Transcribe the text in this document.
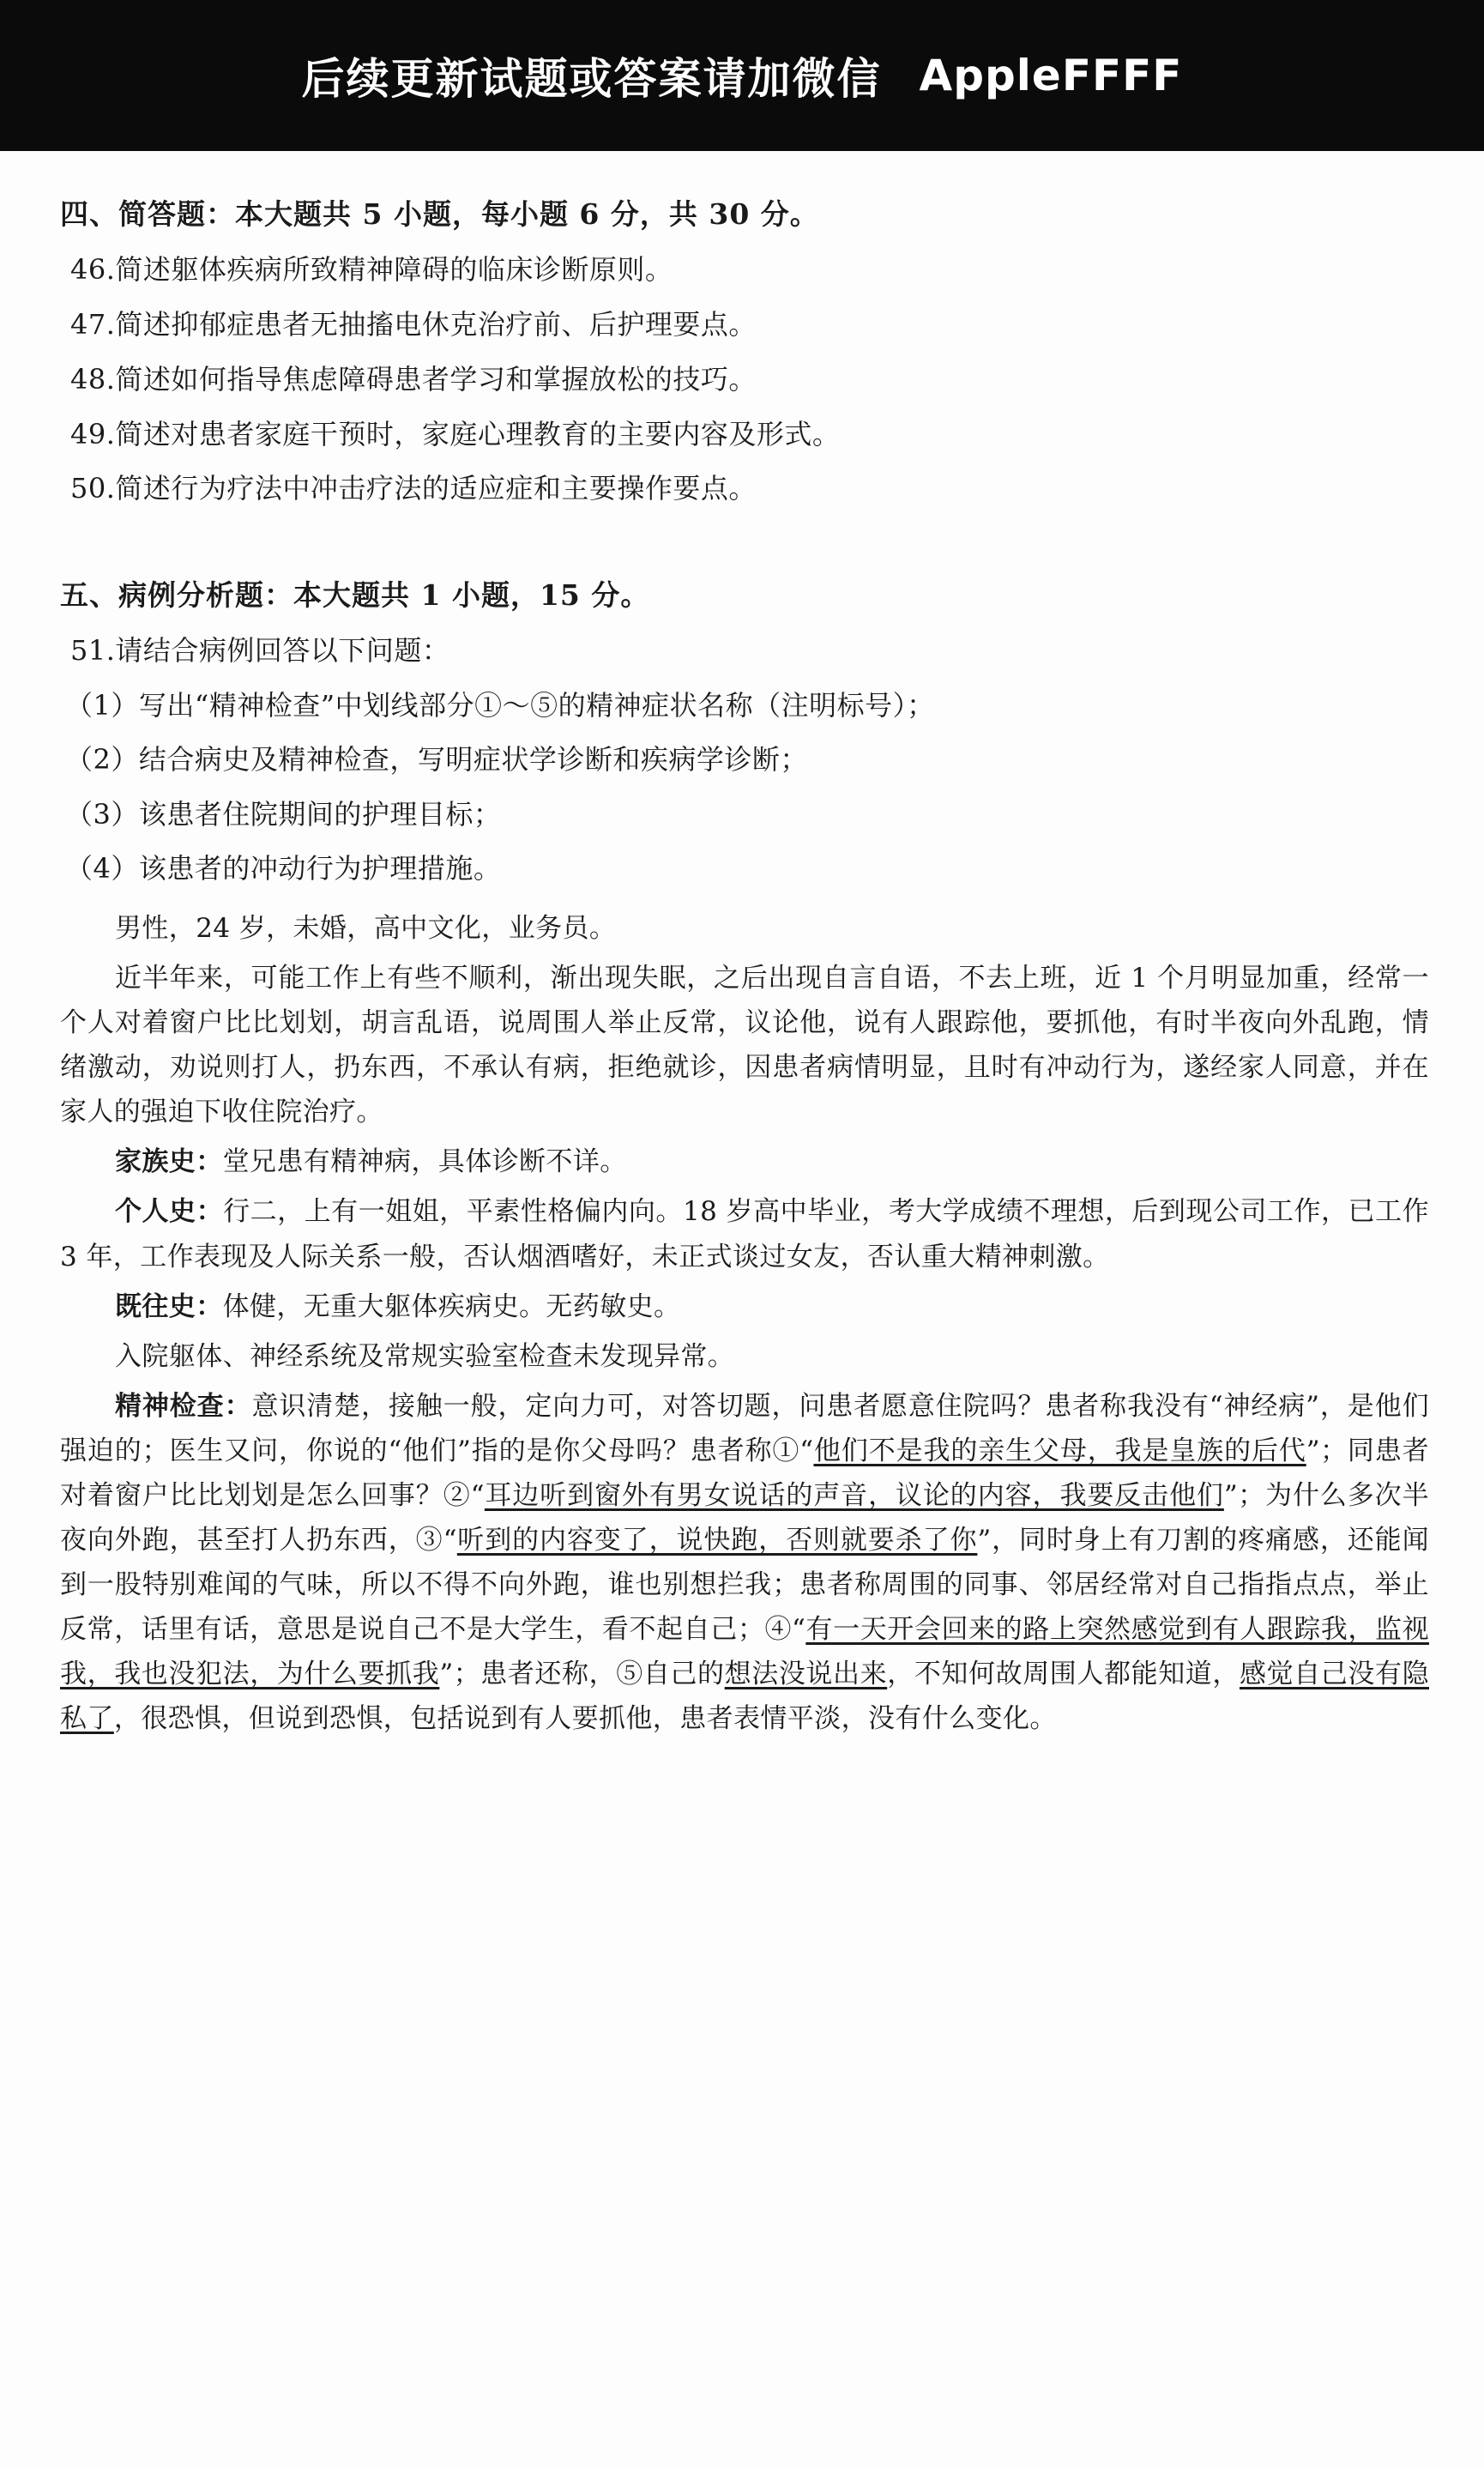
后续更新试题或答案请加微信 AppleFFFF
四、简答题：本大题共 5 小题，每小题 6 分，共 30 分。
46.简述躯体疾病所致精神障碍的临床诊断原则。
47.简述抑郁症患者无抽搐电休克治疗前、后护理要点。
48.简述如何指导焦虑障碍患者学习和掌握放松的技巧。
49.简述对患者家庭干预时，家庭心理教育的主要内容及形式。
50.简述行为疗法中冲击疗法的适应症和主要操作要点。
五、病例分析题：本大题共 1 小题，15 分。
51.请结合病例回答以下问题：
（1）写出“精神检查”中划线部分①～⑤的精神症状名称（注明标号）；
（2）结合病史及精神检查，写明症状学诊断和疾病学诊断；
（3）该患者住院期间的护理目标；
（4）该患者的冲动行为护理措施。

男性，24 岁，未婚，高中文化，业务员。

近半年来，可能工作上有些不顺利，渐出现失眠，之后出现自言自语，不去上班，近 1 个月明显加重，经常一个人对着窗户比比划划，胡言乱语，说周围人举止反常，议论他，说有人跟踪他，要抓他，有时半夜向外乱跑，情绪激动，劝说则打人，扔东西，不承认有病，拒绝就诊，因患者病情明显，且时有冲动行为，遂经家人同意，并在家人的强迫下收住院治疗。

家族史：堂兄患有精神病，具体诊断不详。

个人史：行二，上有一姐姐，平素性格偏内向。18 岁高中毕业，考大学成绩不理想，后到现公司工作，已工作 3 年，工作表现及人际关系一般，否认烟酒嗜好，未正式谈过女友，否认重大精神刺激。

既往史：体健，无重大躯体疾病史。无药敏史。

入院躯体、神经系统及常规实验室检查未发现异常。

精神检查：意识清楚，接触一般，定向力可，对答切题，问患者愿意住院吗？患者称我没有“神经病”，是他们强迫的；医生又问，你说的“他们”指的是你父母吗？患者称①“他们不是我的亲生父母，我是皇族的后代”；同患者对着窗户比比划划是怎么回事？②“耳边听到窗外有男女说话的声音，议论的内容，我要反击他们”；为什么多次半夜向外跑，甚至打人扔东西，③“听到的内容变了，说快跑，否则就要杀了你”，同时身上有刀割的疼痛感，还能闻到一股特别难闻的气味，所以不得不向外跑，谁也别想拦我；患者称周围的同事、邻居经常对自己指指点点，举止反常，话里有话，意思是说自己不是大学生，看不起自己；④“有一天开会回来的路上突然感觉到有人跟踪我，监视我，我也没犯法，为什么要抓我”；患者还称，⑤自己的想法没说出来，不知何故周围人都能知道，感觉自己没有隐私了，很恐惧，但说到恐惧，包括说到有人要抓他，患者表情平淡，没有什么变化。
